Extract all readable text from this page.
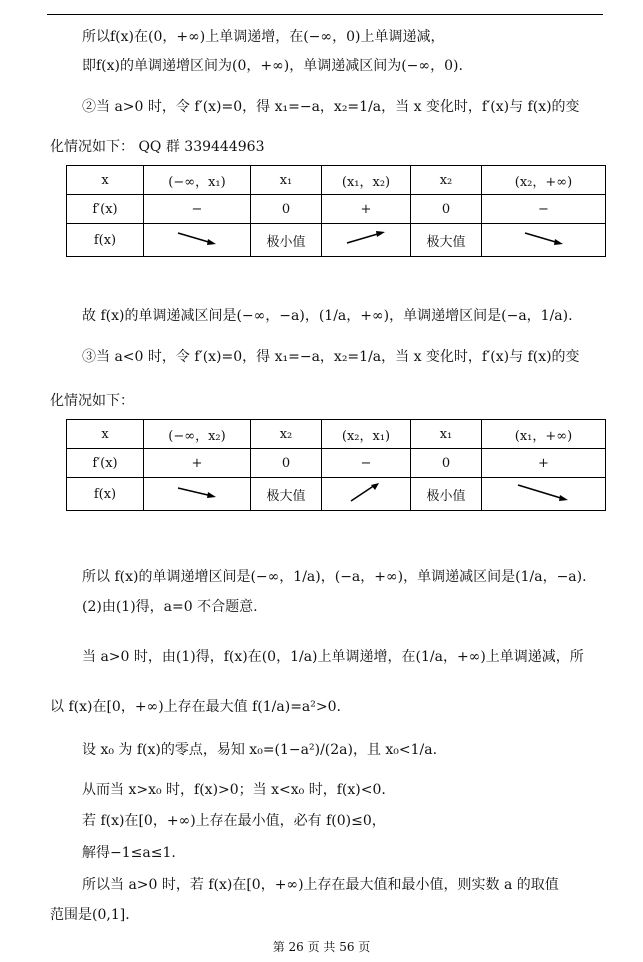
所以f(x)在(0，+∞)上单调递增，在(−∞，0)上单调递减，
即f(x)的单调递增区间为(0，+∞)，单调递减区间为(−∞，0).
②当 a>0 时，令 f′(x)=0，得 x₁=−a，x₂=1/a，当 x 变化时，f′(x)与 f(x)的变
化情况如下： QQ 群 339444963
x	(−∞，x₁)	x₁	(x₁，x₂)	x₂	(x₂，+∞)
f′(x)	−	0	+	0	−
f(x)		极小值		极大值	
故 f(x)的单调递减区间是(−∞，−a)，(1/a，+∞)，单调递增区间是(−a，1/a).
③当 a<0 时，令 f′(x)=0，得 x₁=−a，x₂=1/a，当 x 变化时，f′(x)与 f(x)的变
化情况如下：
x	(−∞，x₂)	x₂	(x₂，x₁)	x₁	(x₁，+∞)
f′(x)	+	0	−	0	+
f(x)		极大值		极小值	
所以 f(x)的单调递增区间是(−∞，1/a)，(−a，+∞)，单调递减区间是(1/a，−a).
(2)由(1)得，a=0 不合题意.
当 a>0 时，由(1)得，f(x)在(0，1/a)上单调递增，在(1/a，+∞)上单调递减，所
以 f(x)在[0，+∞)上存在最大值 f(1/a)=a²>0.
设 x₀ 为 f(x)的零点，易知 x₀=(1−a²)/(2a)，且 x₀<1/a.
从而当 x>x₀ 时，f(x)>0；当 x<x₀ 时，f(x)<0.
若 f(x)在[0，+∞)上存在最小值，必有 f(0)≤0，
解得−1≤a≤1.
所以当 a>0 时，若 f(x)在[0，+∞)上存在最大值和最小值，则实数 a 的取值
范围是(0,1].
第 26 页 共 56 页
